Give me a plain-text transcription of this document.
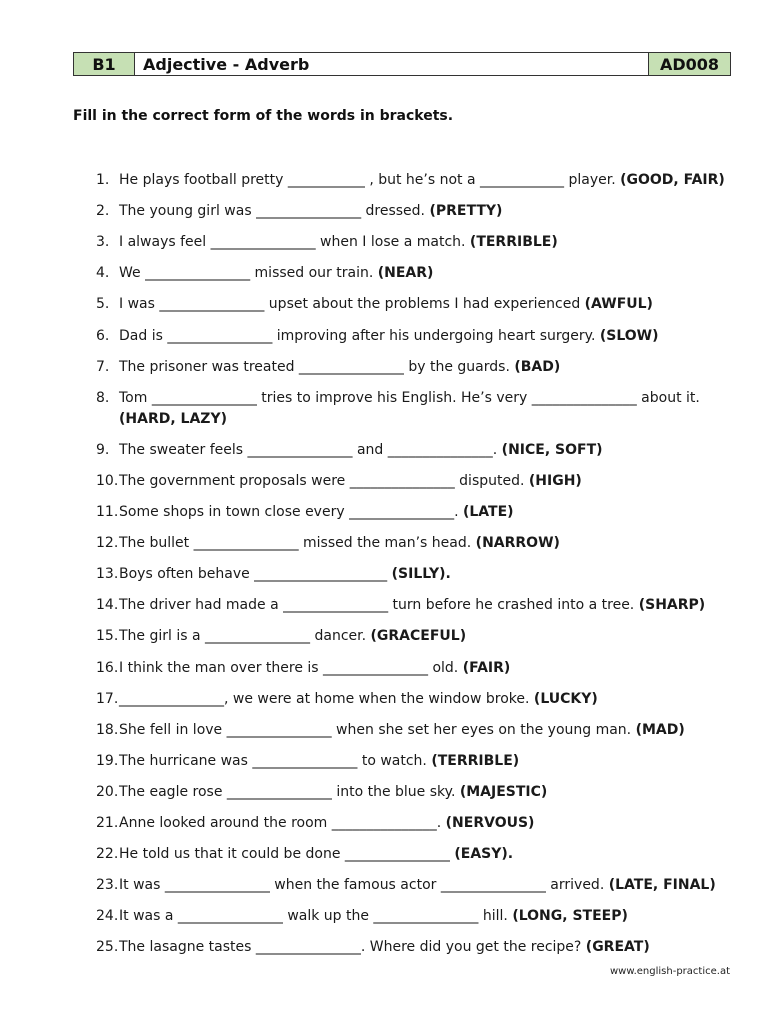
B1	Adjective - Adverb	AD008
Fill in the correct form of the words in brackets.
1. He plays football pretty ___________ , but he’s not a ____________ player. (GOOD, FAIR)
2. The young girl was _______________ dressed. (PRETTY)
3. I always feel _______________ when I lose a match. (TERRIBLE)
4. We _______________ missed our train. (NEAR)
5. I was _______________ upset about the problems I had experienced (AWFUL)
6. Dad is _______________ improving after his undergoing heart surgery. (SLOW)
7. The prisoner was treated _______________ by the guards. (BAD)
8. Tom _______________ tries to improve his English. He’s very _______________ about it.
(HARD, LAZY)
9. The sweater feels _______________ and _______________. (NICE, SOFT)
10. The government proposals were _______________ disputed. (HIGH)
11. Some shops in town close every _______________. (LATE)
12. The bullet _______________ missed the man’s head. (NARROW)
13. Boys often behave ___________________ (SILLY).
14. The driver had made a _______________ turn before he crashed into a tree. (SHARP)
15. The girl is a _______________ dancer. (GRACEFUL)
16. I think the man over there is _______________ old. (FAIR)
17. _______________, we were at home when the window broke. (LUCKY)
18. She fell in love _______________ when she set her eyes on the young man. (MAD)
19. The hurricane was _______________ to watch. (TERRIBLE)
20. The eagle rose _______________ into the blue sky. (MAJESTIC)
21. Anne looked around the room _______________. (NERVOUS)
22. He told us that it could be done _______________ (EASY).
23. It was _______________ when the famous actor _______________ arrived. (LATE, FINAL)
24. It was a _______________ walk up the _______________ hill. (LONG, STEEP)
25. The lasagne tastes _______________. Where did you get the recipe? (GREAT)
www.english-practice.at
